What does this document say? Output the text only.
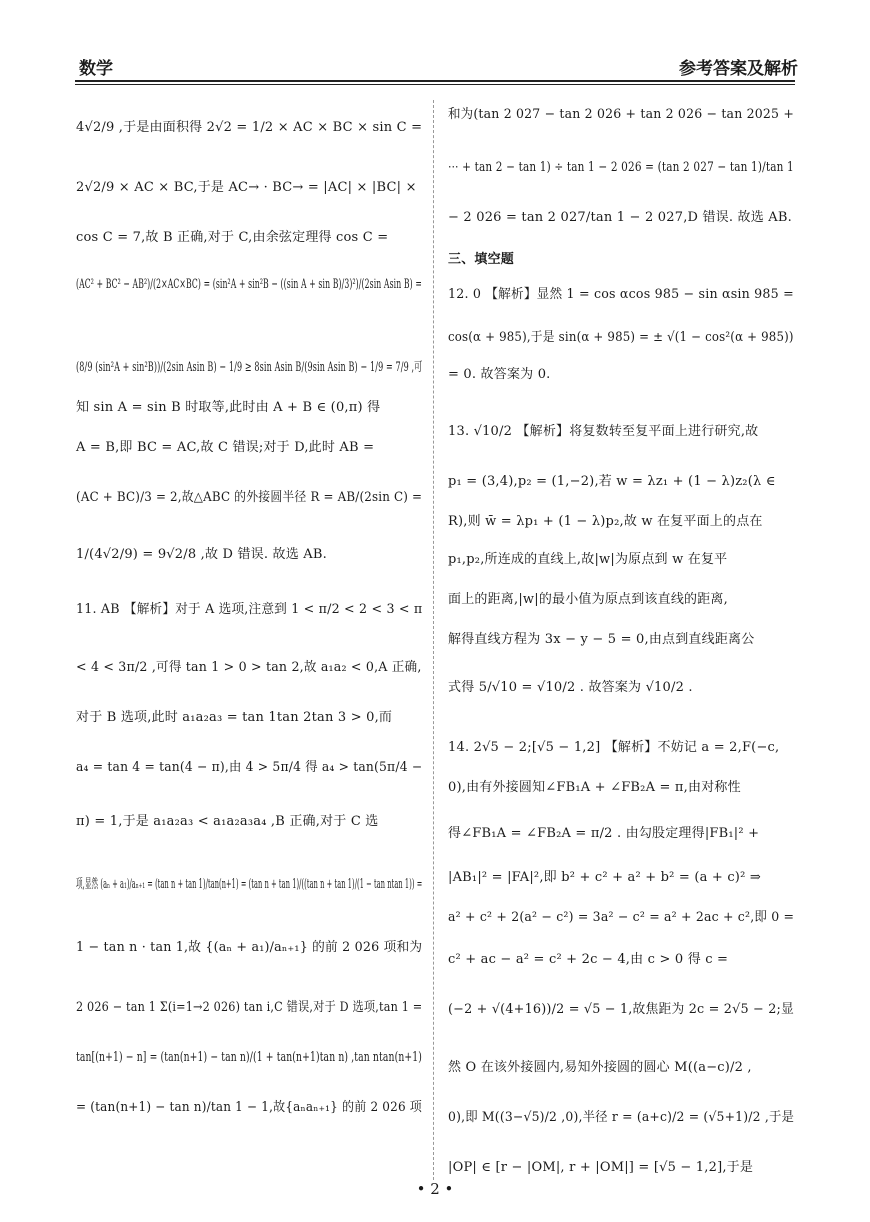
数学	参考答案及解析
4√2/9 ,于是由面积得 2√2 = 1/2 × AC × BC × sin C =
2√2/9 × AC × BC,于是 AC→ · BC→ = |AC| × |BC| ×
cos C = 7,故 B 正确,对于 C,由余弦定理得 cos C =
(AC² + BC² − AB²)/(2×AC×BC) = (sin²A + sin²B − ((sin A + sin B)/3)²)/(2sin Asin B) =
(8/9 (sin²A + sin²B))/(2sin Asin B) − 1/9 ≥ 8sin Asin B/(9sin Asin B) − 1/9 = 7/9 ,可
知 sin A = sin B 时取等,此时由 A + B ∈ (0,π) 得
A = B,即 BC = AC,故 C 错误;对于 D,此时 AB =
(AC + BC)/3 = 2,故△ABC 的外接圆半径 R = AB/(2sin C) =
1/(4√2/9) = 9√2/8 ,故 D 错误. 故选 AB.
11. AB 【解析】对于 A 选项,注意到 1 < π/2 < 2 < 3 < π
< 4 < 3π/2 ,可得 tan 1 > 0 > tan 2,故 a₁a₂ < 0,A 正确,
对于 B 选项,此时 a₁a₂a₃ = tan 1tan 2tan 3 > 0,而
a₄ = tan 4 = tan(4 − π),由 4 > 5π/4 得 a₄ > tan(5π/4 −
π) = 1,于是 a₁a₂a₃ < a₁a₂a₃a₄ ,B 正确,对于 C 选
项,显然 (aₙ + a₁)/aₙ₊₁ = (tan n + tan 1)/tan(n+1) = (tan n + tan 1)/((tan n + tan 1)/(1 − tan ntan 1)) =
1 − tan n · tan 1,故 {(aₙ + a₁)/aₙ₊₁} 的前 2 026 项和为
2 026 − tan 1 Σ(i=1→2 026) tan i,C 错误,对于 D 选项,tan 1 =
tan[(n+1) − n] = (tan(n+1) − tan n)/(1 + tan(n+1)tan n) ,tan ntan(n+1)
= (tan(n+1) − tan n)/tan 1 − 1,故{aₙaₙ₊₁} 的前 2 026 项
和为(tan 2 027 − tan 2 026 + tan 2 026 − tan 2025 +
⋯ + tan 2 − tan 1) ÷ tan 1 − 2 026 = (tan 2 027 − tan 1)/tan 1
− 2 026 = tan 2 027/tan 1 − 2 027,D 错误. 故选 AB.
三、填空题
12. 0 【解析】显然 1 = cos αcos 985 − sin αsin 985 =
cos(α + 985),于是 sin(α + 985) = ± √(1 − cos²(α + 985))
= 0. 故答案为 0.
13. √10/2 【解析】将复数转至复平面上进行研究,故
p₁ = (3,4),p₂ = (1,−2),若 w = λz₁ + (1 − λ)z₂(λ ∈
R),则 w̄ = λp₁ + (1 − λ)p₂,故 w 在复平面上的点在
p₁,p₂,所连成的直线上,故|w|为原点到 w 在复平
面上的距离,|w|的最小值为原点到该直线的距离,
解得直线方程为 3x − y − 5 = 0,由点到直线距离公
式得 5/√10 = √10/2 . 故答案为 √10/2 .
14. 2√5 − 2;[√5 − 1,2] 【解析】不妨记 a = 2,F(−c,
0),由有外接圆知∠FB₁A + ∠FB₂A = π,由对称性
得∠FB₁A = ∠FB₂A = π/2 . 由勾股定理得|FB₁|² +
|AB₁|² = |FA|²,即 b² + c² + a² + b² = (a + c)² ⇒
a² + c² + 2(a² − c²) = 3a² − c² = a² + 2ac + c²,即 0 =
c² + ac − a² = c² + 2c − 4,由 c > 0 得 c =
(−2 + √(4+16))/2 = √5 − 1,故焦距为 2c = 2√5 − 2;显
然 O 在该外接圆内,易知外接圆的圆心 M((a−c)/2 ,
0),即 M((3−√5)/2 ,0),半径 r = (a+c)/2 = (√5+1)/2 ,于是
|OP| ∈ [r − |OM|, r + |OM|] = [√5 − 1,2],于是
• 2 •
